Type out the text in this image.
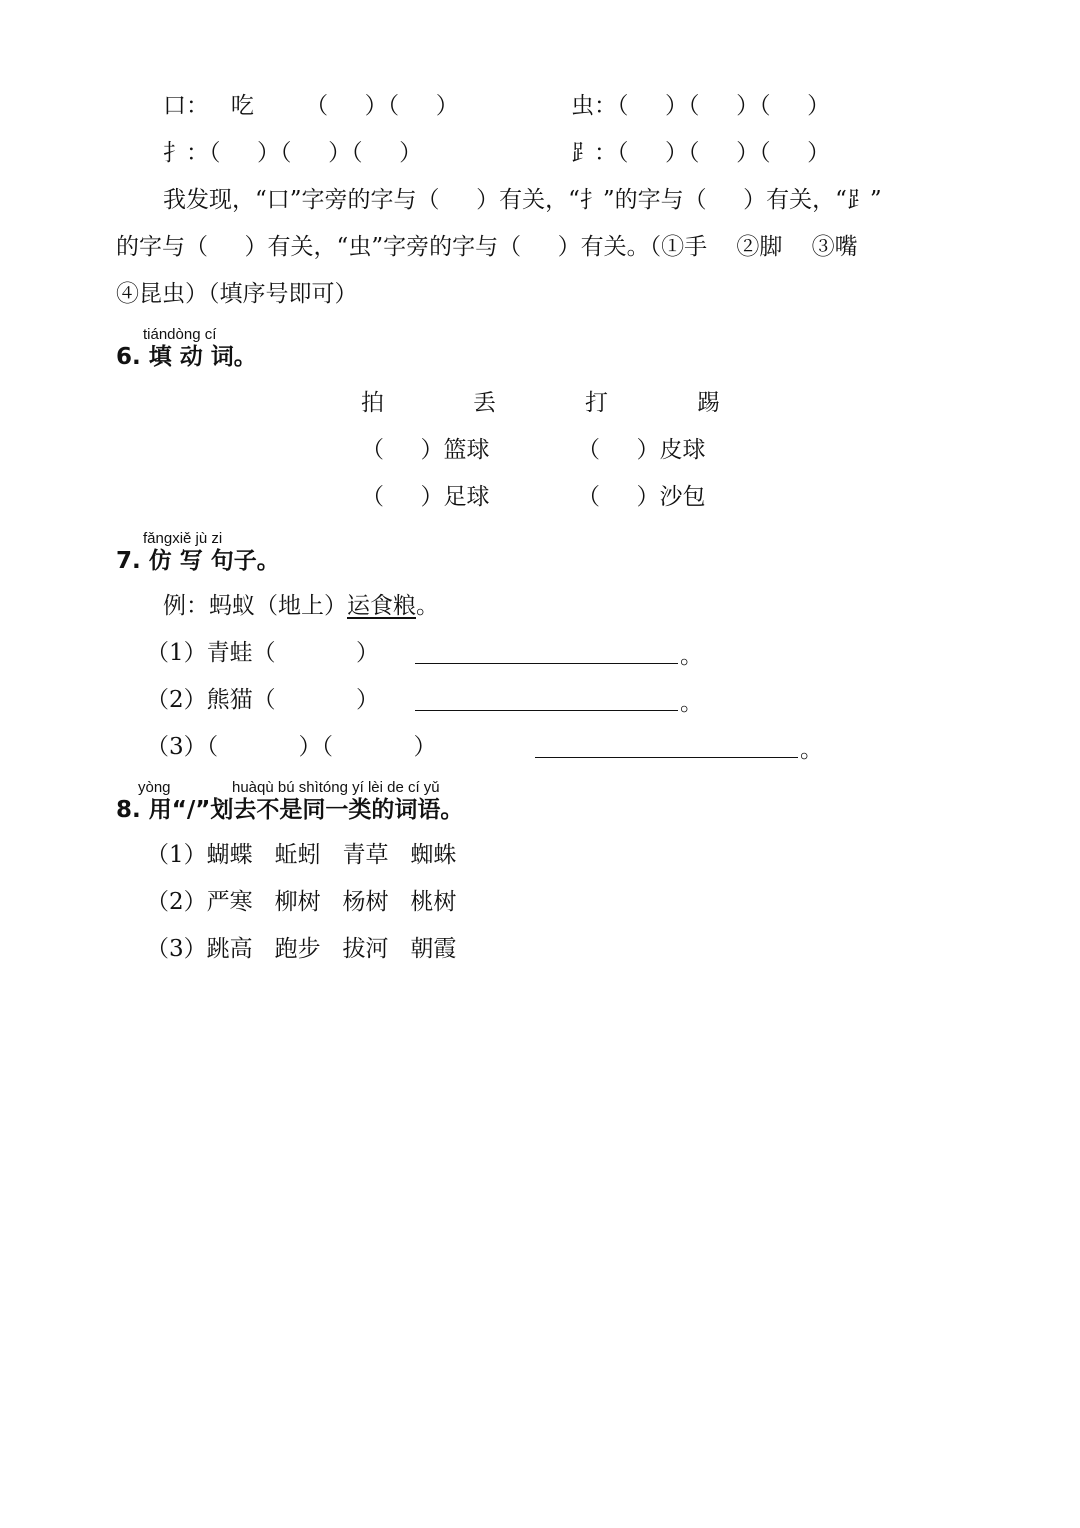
口：   吃       （     ）（     ）	虫：（     ）（     ）（     ）
扌：（     ）（     ）（     ）	⻊：（     ）（     ）（     ）
我发现，“口”字旁的字与（     ）有关，“扌”的字与（     ）有关，“⻊”
的字与（     ）有关，“虫”字旁的字与（     ）有关。（①手    ②脚    ③嘴
④昆虫）（填序号即可）
tiándòng cí
6. 填 动 词。
拍	丢	打	踢
（     ）篮球	（     ）皮球
（     ）足球	（     ）沙包
fǎngxiě jù zi
7. 仿 写 句子。
例：蚂蚁（地上）运食粮。
（1）青蛙（           ）	。
（2）熊猫（           ）	。
（3）（           ）（           ）	。
yòng	huàqù bú shìtóng yí lèi de cí yǔ
8. 用“/”划去不是同一类的词语。
（1）蝴蝶   蚯蚓   青草   蜘蛛
（2）严寒   柳树   杨树   桃树
（3）跳高   跑步   拔河   朝霞
